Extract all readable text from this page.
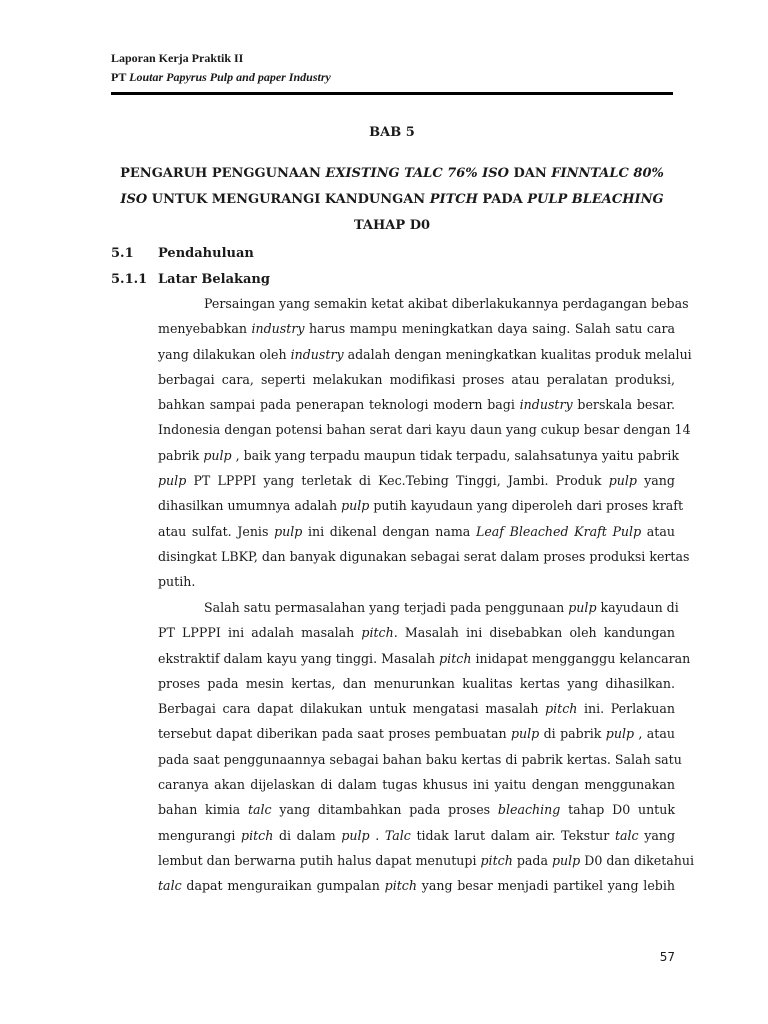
Laporan Kerja Praktik II
PT Loutar Papyrus Pulp and paper Industry
BAB 5
PENGARUH PENGGUNAAN EXISTING TALC 76% ISO DAN FINNTALC 80%
ISO UNTUK MENGURANGI KANDUNGAN PITCH PADA PULP BLEACHING
TAHAP D0
5.1 Pendahuluan
5.1.1 Latar Belakang
Persaingan yang semakin ketat akibat diberlakukannya perdagangan bebas
menyebabkan industry harus mampu meningkatkan daya saing. Salah satu cara
yang dilakukan oleh industry adalah dengan meningkatkan kualitas produk melalui
berbagai cara, seperti melakukan modifikasi proses atau peralatan produksi,
bahkan sampai pada penerapan teknologi modern bagi industry berskala besar.
Indonesia dengan potensi bahan serat dari kayu daun yang cukup besar dengan 14
pabrik pulp , baik yang terpadu maupun tidak terpadu, salahsatunya yaitu pabrik
pulp PT LPPPI yang terletak di Kec.Tebing Tinggi, Jambi. Produk pulp yang
dihasilkan umumnya adalah pulp putih kayudaun yang diperoleh dari proses kraft
atau sulfat. Jenis pulp ini dikenal dengan nama Leaf Bleached Kraft Pulp atau
disingkat LBKP, dan banyak digunakan sebagai serat dalam proses produksi kertas
putih.
Salah satu permasalahan yang terjadi pada penggunaan pulp kayudaun di
PT LPPPI ini adalah masalah pitch. Masalah ini disebabkan oleh kandungan
ekstraktif dalam kayu yang tinggi. Masalah pitch inidapat mengganggu kelancaran
proses pada mesin kertas, dan menurunkan kualitas kertas yang dihasilkan.
Berbagai cara dapat dilakukan untuk mengatasi masalah pitch ini. Perlakuan
tersebut dapat diberikan pada saat proses pembuatan pulp di pabrik pulp , atau
pada saat penggunaannya sebagai bahan baku kertas di pabrik kertas. Salah satu
caranya akan dijelaskan di dalam tugas khusus ini yaitu dengan menggunakan
bahan kimia talc yang ditambahkan pada proses bleaching tahap D0 untuk
mengurangi pitch di dalam pulp . Talc tidak larut dalam air. Tekstur talc yang
lembut dan berwarna putih halus dapat menutupi pitch pada pulp D0 dan diketahui
talc dapat menguraikan gumpalan pitch yang besar menjadi partikel yang lebih
57
